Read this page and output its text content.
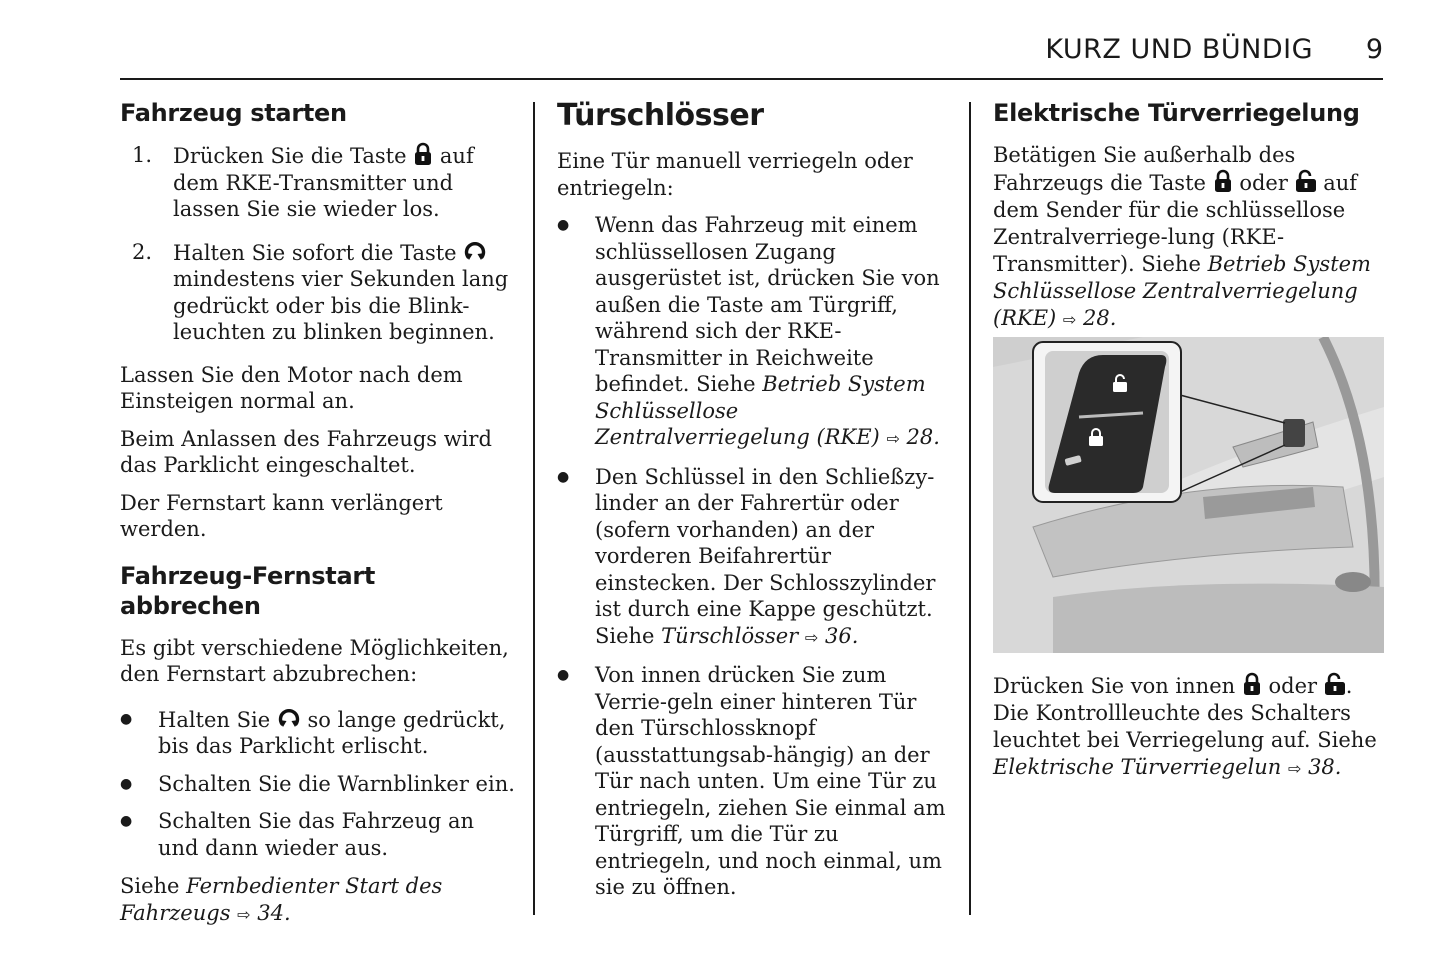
KURZ UND BÜNDIG 9
Fahrzeug starten
1. Drücken Sie die Taste auf dem RKE-Transmitter und lassen Sie sie wieder los.
2. Halten Sie sofort die Taste  mindestens vier Sekunden lang gedrückt oder bis die Blink-leuchten zu blinken beginnen.

Lassen Sie den Motor nach dem Einsteigen normal an.

Beim Anlassen des Fahrzeugs wird das Parklicht eingeschaltet.

Der Fernstart kann verlängert werden.

Fahrzeug-Fernstart abbrechen

Es gibt verschiedene Möglichkeiten, den Fernstart abzubrechen:

● Halten Sie so lange gedrückt, bis das Parklicht erlischt.
● Schalten Sie die Warnblinker ein.
● Schalten Sie das Fahrzeug an und dann wieder aus.

Siehe Fernbedienter Start des Fahrzeugs ⇨ 34.

Türschlösser

Eine Tür manuell verriegeln oder entriegeln:

● Wenn das Fahrzeug mit einem schlüssellosen Zugang ausgerüstet ist, drücken Sie von außen die Taste am Türgriff, während sich der RKE-Transmitter in Reichweite befindet. Siehe Betrieb System Schlüssellose Zentralverriegelung (RKE) ⇨ 28.
● Den Schlüssel in den Schließzy-linder an der Fahrertür oder (sofern vorhanden) an der vorderen Beifahrertür einstecken. Der Schlosszylinder ist durch eine Kappe geschützt. Siehe Türschlösser ⇨ 36.
● Von innen drücken Sie zum Verrie-geln einer hinteren Tür den Türschlossknopf (ausstattungsab-hängig) an der Tür nach unten. Um eine Tür zu entriegeln, ziehen Sie einmal am Türgriff, um die Tür zu entriegeln, und noch einmal, um sie zu öffnen.
Elektrische Türverriegelung

Betätigen Sie außerhalb des Fahrzeugs die Taste oder auf dem Sender für die schlüssellose Zentralverriege-lung (RKE-Transmitter). Siehe Betrieb System Schlüssellose Zentralverriegelung (RKE) ⇨ 28.

Drücken Sie von innen oder . Die Kontrollleuchte des Schalters leuchtet bei Verriegelung auf. Siehe Elektrische Türverriegelun ⇨ 38.
